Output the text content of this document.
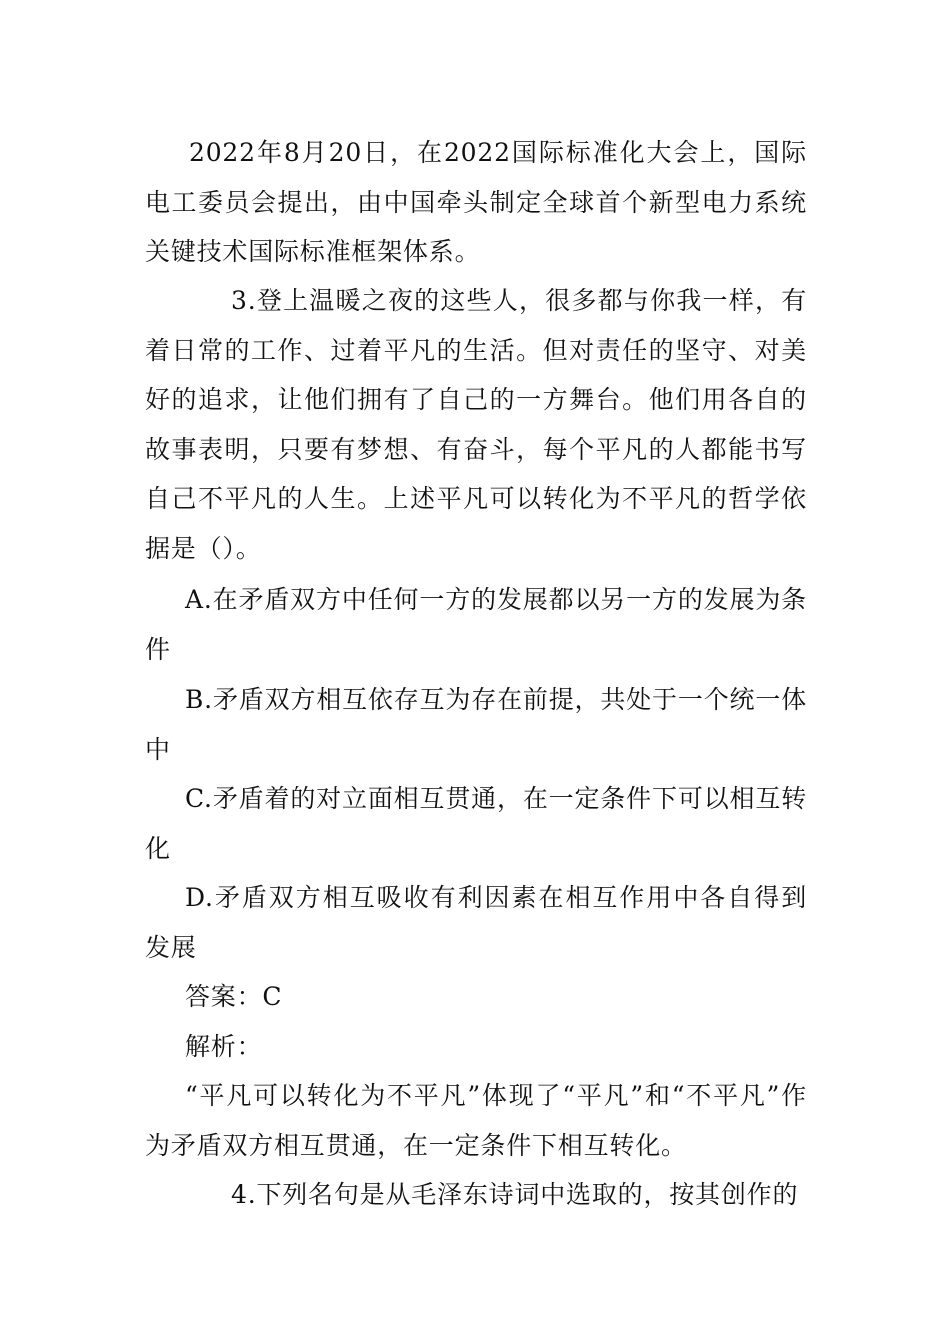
2022年8月20日，在2022国际标准化大会上，国际电工委员会提出，由中国牵头制定全球首个新型电力系统关键技术国际标准框架体系。

3.登上温暖之夜的这些人，很多都与你我一样，有着日常的工作、过着平凡的生活。但对责任的坚守、对美好的追求，让他们拥有了自己的一方舞台。他们用各自的故事表明，只要有梦想、有奋斗，每个平凡的人都能书写自己不平凡的人生。上述平凡可以转化为不平凡的哲学依据是（）。

A.在矛盾双方中任何一方的发展都以另一方的发展为条件

B.矛盾双方相互依存互为存在前提，共处于一个统一体中

C.矛盾着的对立面相互贯通，在一定条件下可以相互转化

D.矛盾双方相互吸收有利因素在相互作用中各自得到发展

答案：C

解析：

“平凡可以转化为不平凡”体现了“平凡”和“不平凡”作为矛盾双方相互贯通，在一定条件下相互转化。

4.下列名句是从毛泽东诗词中选取的，按其创作的
